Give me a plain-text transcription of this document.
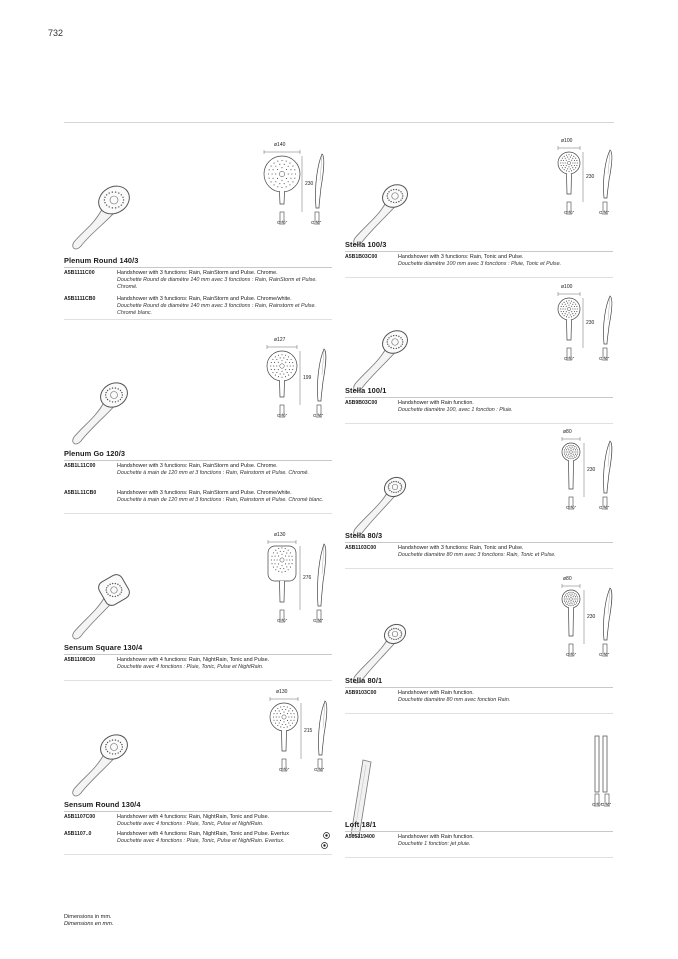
732
ø140
230
G ½"	G ½"
Plenum Round 140/3
A5B1111C00	Handshower with 3 functions: Rain, RainStorm and Pulse. Chrome.
Douchette Round de diamètre 140 mm avec 3 fonctions : Rain, RainStorm et Pulse. Chromé.
A5B1111CB0	Handshower with 3 functions: Rain, RainStorm and Pulse. Chrome/white.
Douchette Round de diamètre 140 mm avec 3 fonctions : Rain, Rainstorm et Pulse. Chromé blanc.
ø127
199
G ½"	G ½"
Plenum Go 120/3
A5B1L11C00	Handshower with 3 functions: Rain, RainStorm and Pulse. Chrome.
Douchette à main de 120 mm et 3 fonctions : Rain, Rainstorm et Pulse. Chromé.
A5B1L11CB0	Handshower with 3 functions: Rain, RainStorm and Pulse. Chrome/white.
Douchette à main de 120 mm et 3 fonctions : Rain, Rainstorm et Pulse. Chromé blanc.
ø130
276
G ½"	G ½"
Sensum Square 130/4
A5B1108C00	Handshower with 4 functions: Rain, NightRain, Tonic and Pulse.
Douchette avec 4 fonctions : Pluie, Tonic, Pulse et NightRain.
ø130
215
G ½"	G ½"
Sensum Round 130/4
A5B1107C00	Handshower with 4 functions: Rain, NightRain, Tonic and Pulse.
Douchette avec 4 fonctions : Pluie, Tonic, Pulse et NightRain.
A5B1107..0	Handshower with 4 functions: Rain, NightRain, Tonic and Pulse. Evertux
Douchette avec 4 fonctions : Pluie, Tonic, Pulse et NightRain. Evertux.
ø100
230
G ½"	G ½"
Stella 100/3
A5B1B03C00	Handshower with 3 functions: Rain, Tonic and Pulse.
Douchette diamètre 100 mm avec 3 fonctions : Pluie, Tonic et Pulse.
ø100
230
G ½"	G ½"
Stella 100/1
A5B9B03C00	Handshower with Rain function.
Douchette diamètre 100, avec 1 fonction : Pluie.
ø80
230
G ½"	G ½"
Stella 80/3
A5B1103C00	Handshower with 3 functions: Rain, Tonic and Pulse.
Douchette diamètre 80 mm avec 3 fonctions: Rain, Tonic et Pulse.
ø80
230
G ½"	G ½"
Stella 80/1
A5B9103C00	Handshower with Rain function.
Douchette diamètre 80 mm avec fonction Rain.
G ½"
G ½"
Loft 18/1
A505319400	Handshower with Rain function.
Douchette 1 fonction: jet pluie.
Dimensions in mm.
Dimensions en mm.
